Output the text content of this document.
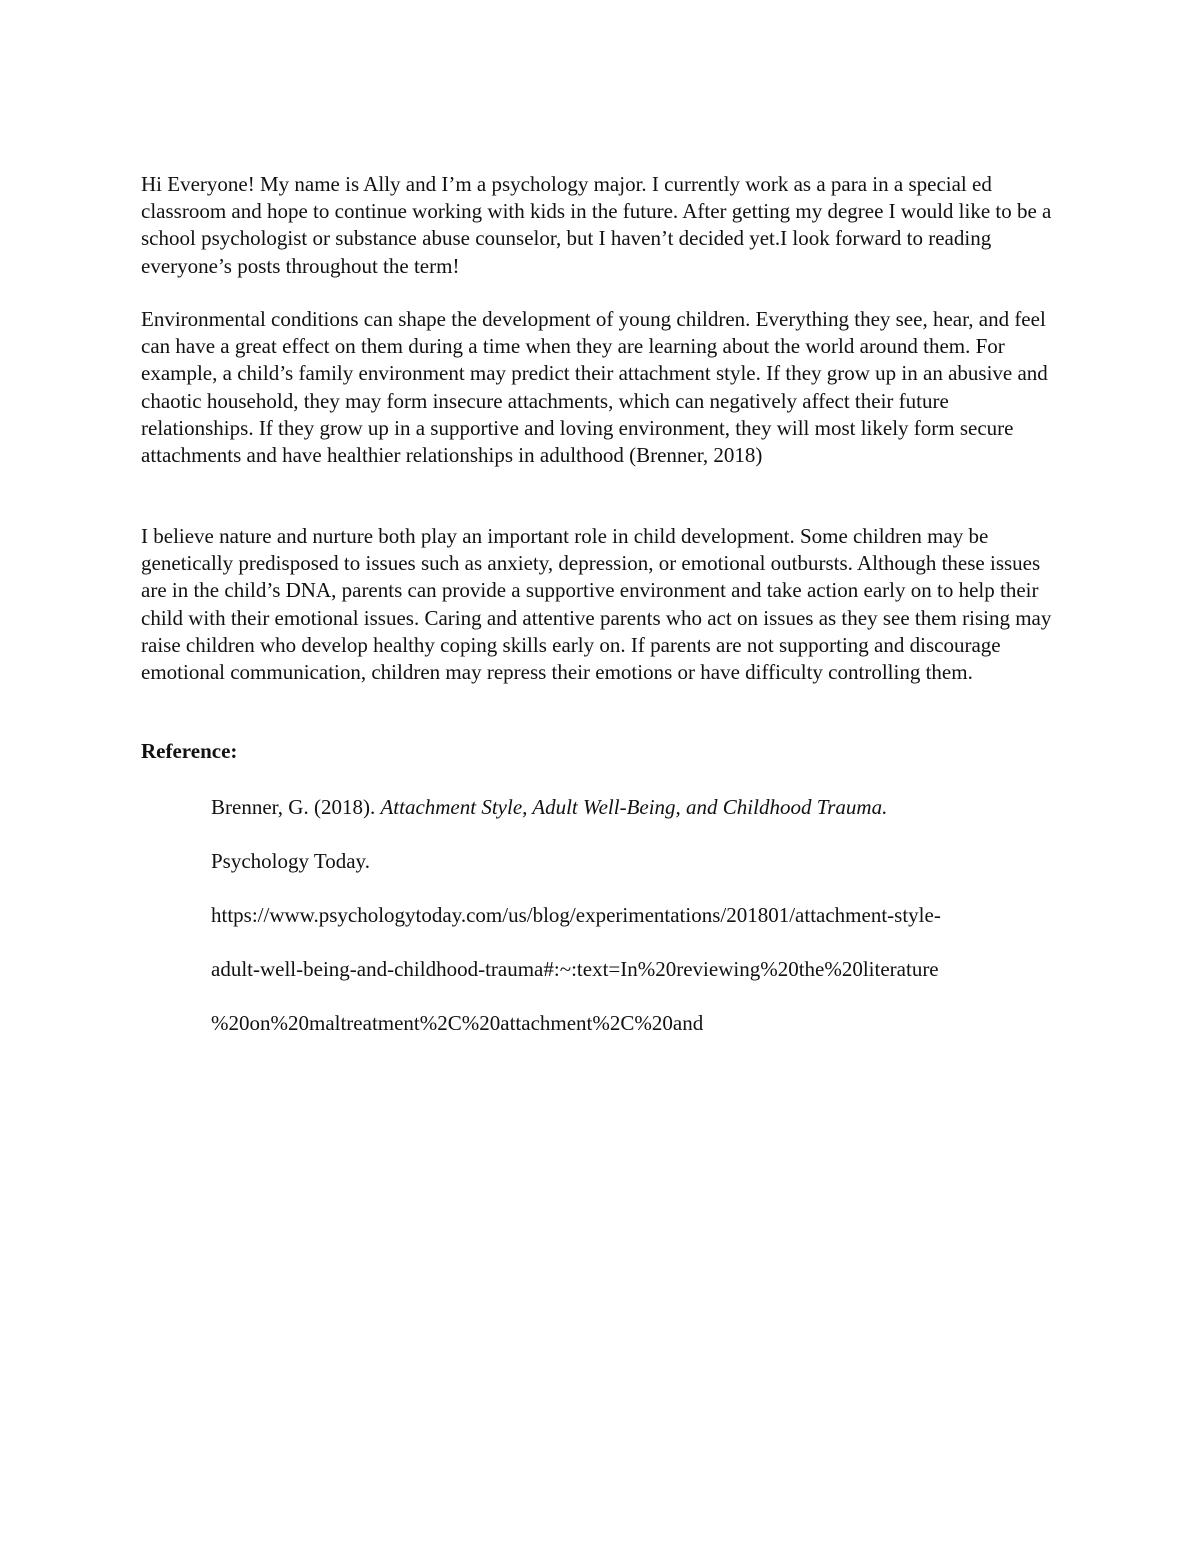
Hi Everyone! My name is Ally and I’m a psychology major. I currently work as a para in a special ed classroom and hope to continue working with kids in the future. After getting my degree I would like to be a school psychologist or substance abuse counselor, but I haven’t decided yet.I look forward to reading everyone’s posts throughout the term!

Environmental conditions can shape the development of young children. Everything they see, hear, and feel can have a great effect on them during a time when they are learning about the world around them. For example, a child’s family environment may predict their attachment style. If they grow up in an abusive and chaotic household, they may form insecure attachments, which can negatively affect their future relationships. If they grow up in a supportive and loving environment, they will most likely form secure attachments and have healthier relationships in adulthood (Brenner, 2018)

I believe nature and nurture both play an important role in child development. Some children may be genetically predisposed to issues such as anxiety, depression, or emotional outbursts. Although these issues are in the child’s DNA, parents can provide a supportive environment and take action early on to help their child with their emotional issues. Caring and attentive parents who act on issues as they see them rising may raise children who develop healthy coping skills early on. If parents are not supporting and discourage emotional communication, children may repress their emotions or have difficulty controlling them.

Reference:

Brenner, G. (2018). Attachment Style, Adult Well-Being, and Childhood Trauma.

Psychology Today.

https://www.psychologytoday.com/us/blog/experimentations/201801/attachment-style-

adult-well-being-and-childhood-trauma#:~:text=In%20reviewing%20the%20literature

%20on%20maltreatment%2C%20attachment%2C%20and
